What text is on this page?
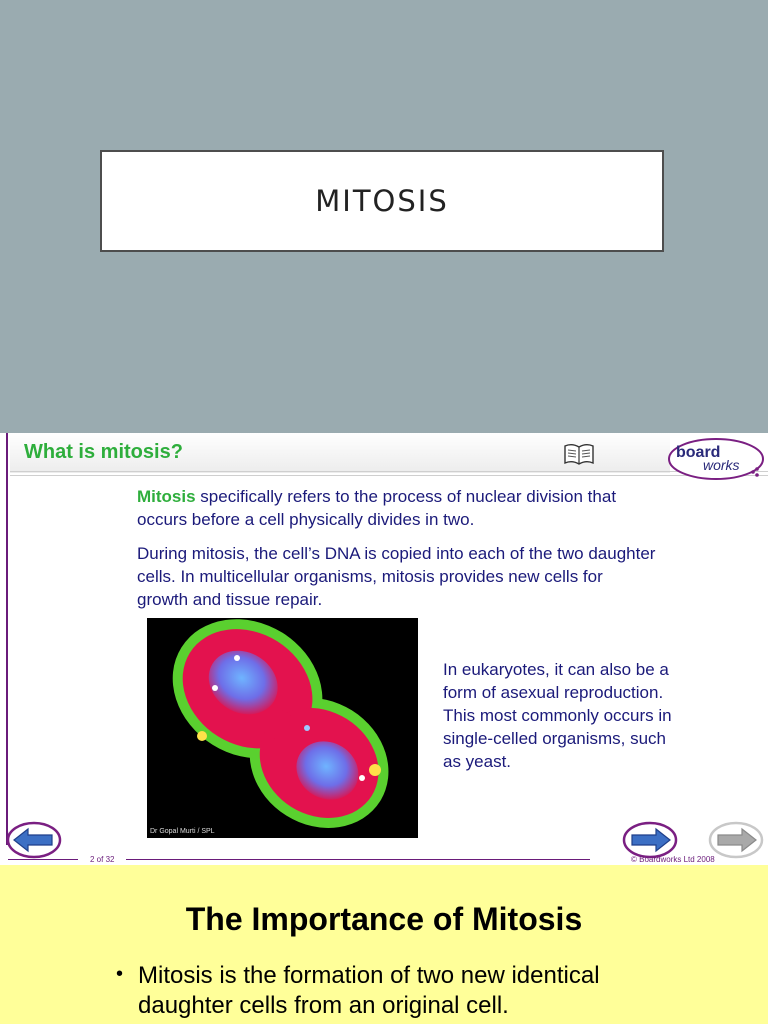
MITOSIS
What is mitosis?	board
works

Mitosis specifically refers to the process of nuclear division that occurs before a cell physically divides in two.

During mitosis, the cell’s DNA is copied into each of the two daughter cells. In multicellular organisms, mitosis provides new cells for growth and tissue repair.

In eukaryotes, it can also be a form of asexual reproduction. This most commonly occurs in single-celled organisms, such as yeast.

Dr Gopal Murti / SPL
2 of 32	© Boardworks Ltd 2008
The Importance of Mitosis
• Mitosis is the formation of two new identical daughter cells from an original cell.
